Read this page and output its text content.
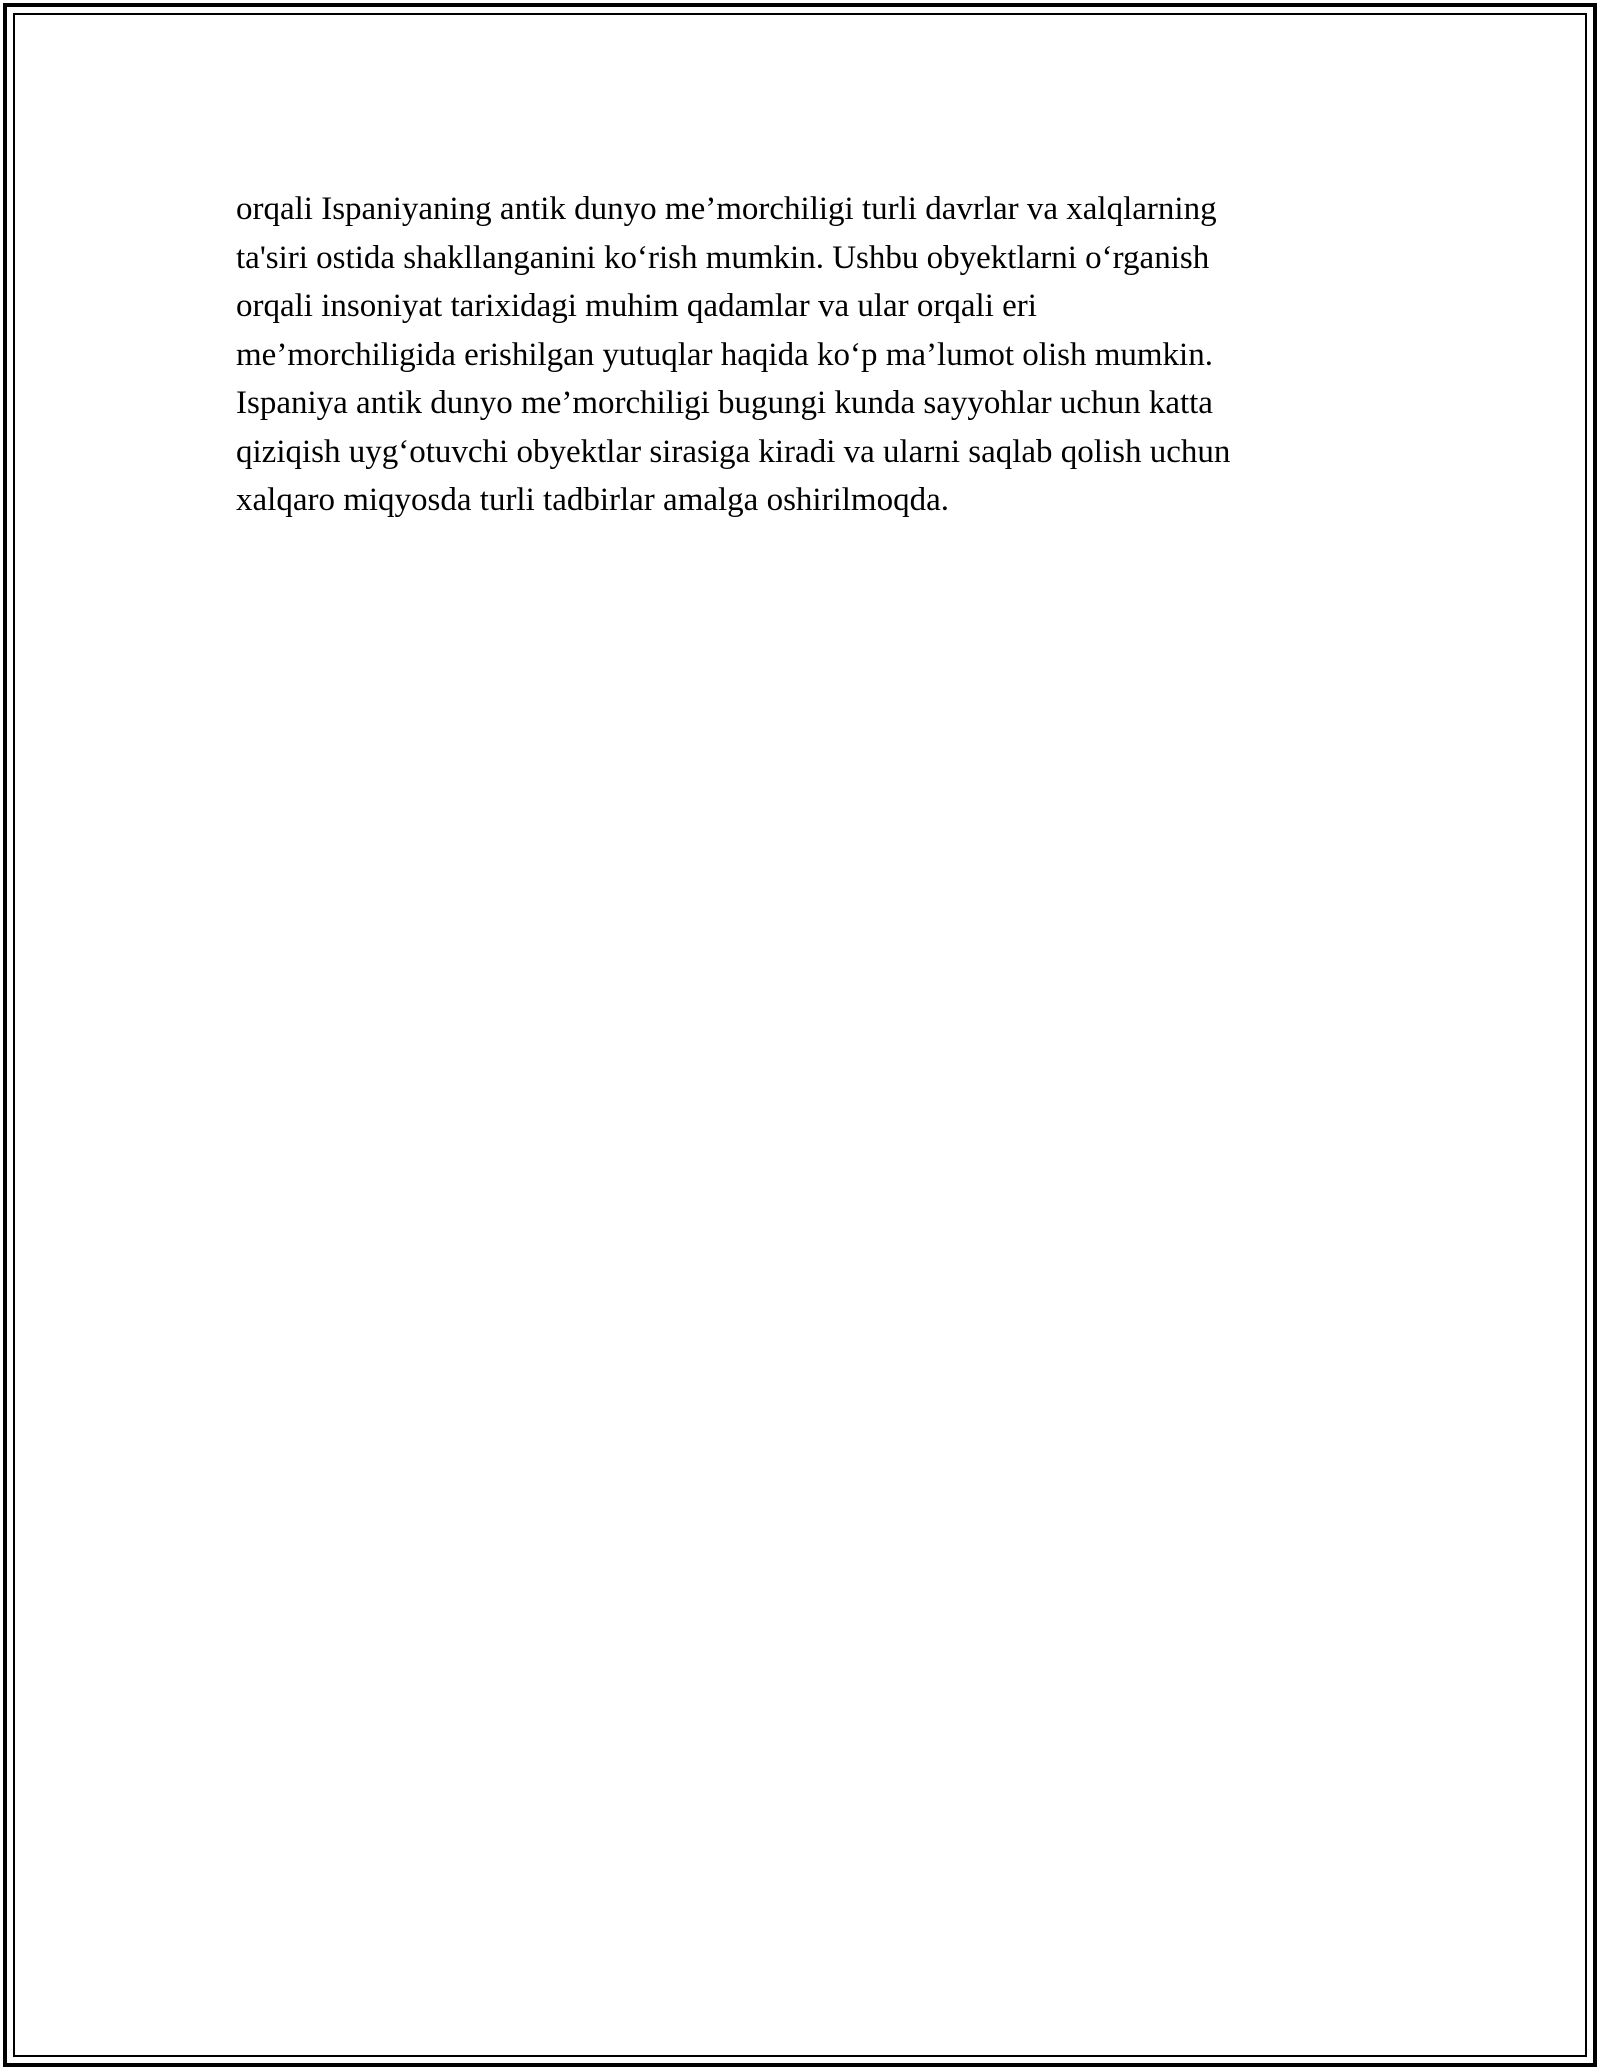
orqali Ispaniyaning antik dunyo me’morchiligi turli davrlar va xalqlarning
ta'siri ostida shakllanganini ko‘rish mumkin. Ushbu obyektlarni o‘rganish
orqali insoniyat tarixidagi muhim qadamlar va ular orqali eri
me’morchiligida erishilgan yutuqlar haqida ko‘p ma’lumot olish mumkin.
Ispaniya antik dunyo me’morchiligi bugungi kunda sayyohlar uchun katta
qiziqish uyg‘otuvchi obyektlar sirasiga kiradi va ularni saqlab qolish uchun
xalqaro miqyosda turli tadbirlar amalga oshirilmoqda.
